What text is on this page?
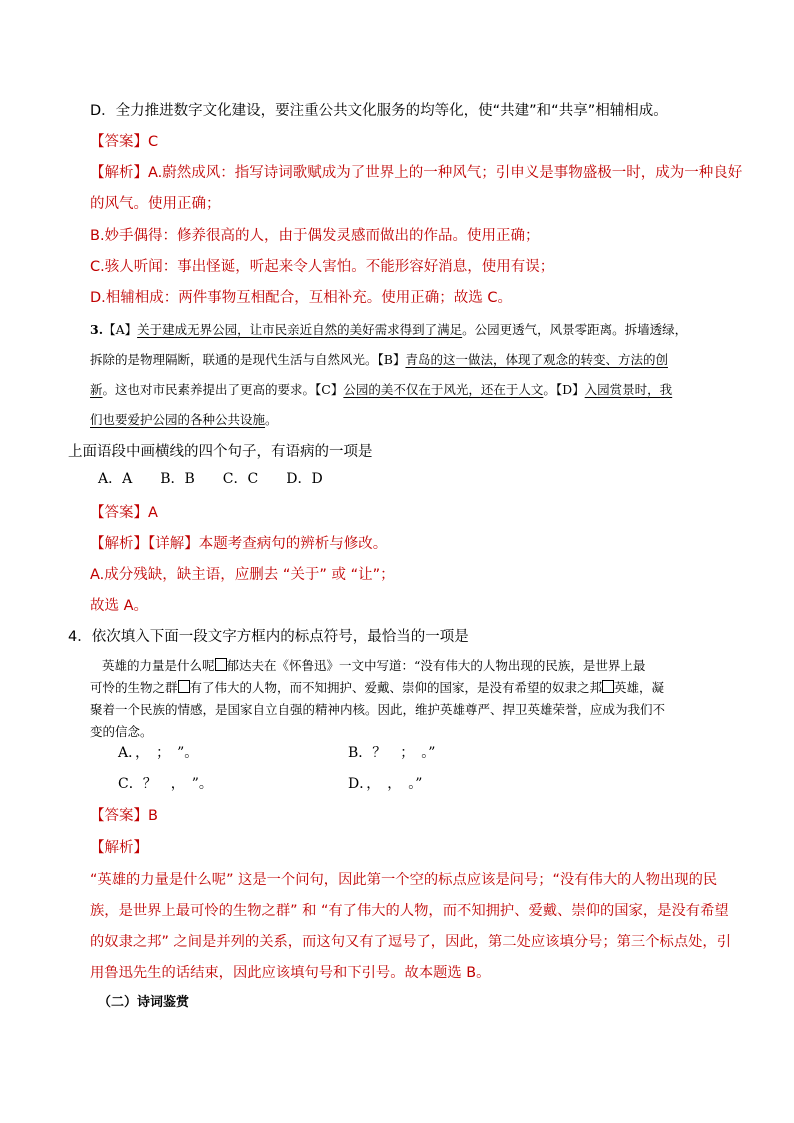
D．全力推进数字文化建设，要注重公共文化服务的均等化，使“共建”和“共享”相辅相成。
【答案】C
【解析】A.蔚然成风：指写诗词歌赋成为了世界上的一种风气；引申义是事物盛极一时，成为一种良好
的风气。使用正确；
B.妙手偶得：修养很高的人，由于偶发灵感而做出的作品。使用正确；
C.骇人听闻：事出怪诞，听起来令人害怕。不能形容好消息，使用有误；
D.相辅相成：两件事物互相配合，互相补充。使用正确；故选 C。
3.【A】关于建成无界公园，让市民亲近自然的美好需求得到了满足。公园更透气，风景零距离。拆墙透绿，
拆除的是物理隔断，联通的是现代生活与自然风光。【B】青岛的这一做法，体现了观念的转变、方法的创
新。这也对市民素养提出了更高的要求。【C】公园的美不仅在于风光，还在于人文。【D】入园赏景时，我
们也要爱护公园的各种公共设施。
上面语段中画横线的四个句子，有语病的一项是
A．A　　B．B　　C．C　　D．D
【答案】A
【解析】【详解】本题考查病句的辨析与修改。
A.成分残缺，缺主语，应删去 “关于” 或 “让”；
故选 A。
4．依次填入下面一段文字方框内的标点符号，最恰当的一项是
英雄的力量是什么呢 郁达夫在《怀鲁迅》一文中写道：“没有伟大的人物出现的民族，是世界上最
可怜的生物之群 有了伟大的人物，而不知拥护、爱戴、崇仰的国家，是没有希望的奴隶之邦 英雄，凝
聚着一个民族的情感，是国家自立自强的精神内核。因此，维护英雄尊严、捍卫英雄荣誉，应成为我们不
变的信念。
A．，　；　”。	B．？　；　。”
C．？　，　”。	D．，　，　。”
【答案】B
【解析】
“英雄的力量是什么呢” 这是一个问句，因此第一个空的标点应该是问号；“没有伟大的人物出现的民
族，是世界上最可怜的生物之群” 和 “有了伟大的人物，而不知拥护、爱戴、崇仰的国家，是没有希望
的奴隶之邦” 之间是并列的关系，而这句又有了逗号了，因此，第二处应该填分号；第三个标点处，引
用鲁迅先生的话结束，因此应该填句号和下引号。故本题选 B。
（二）诗词鉴赏
